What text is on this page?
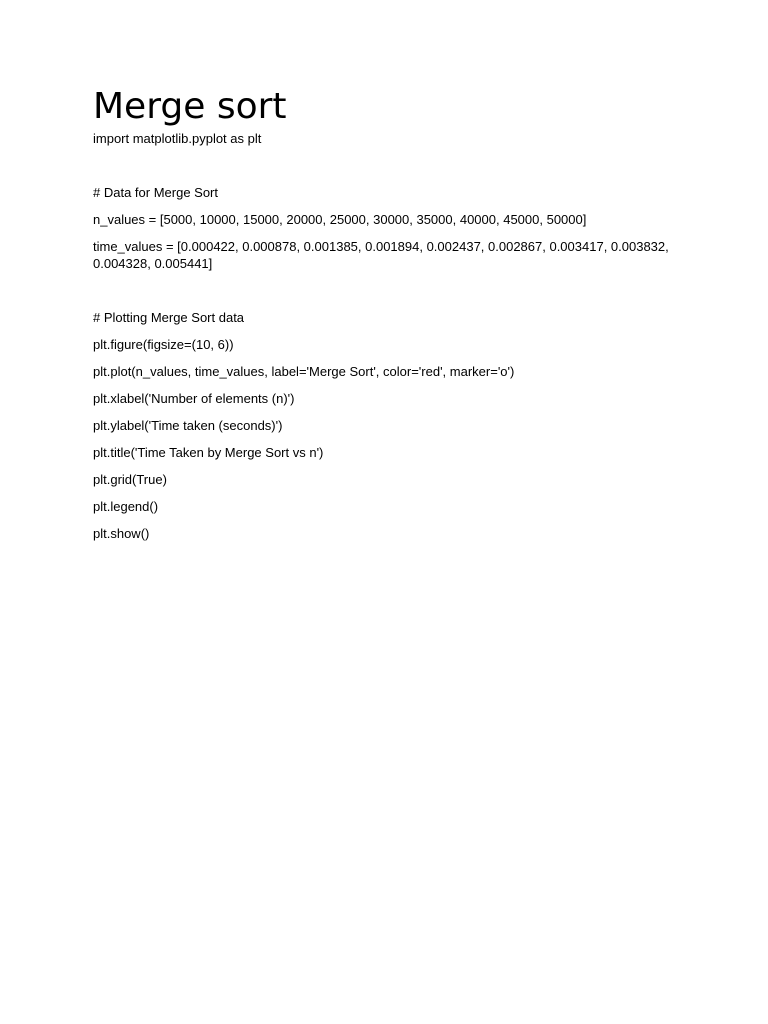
Merge sort

import matplotlib.pyplot as plt

# Data for Merge Sort

n_values = [5000, 10000, 15000, 20000, 25000, 30000, 35000, 40000, 45000, 50000]

time_values = [0.000422, 0.000878, 0.001385, 0.001894, 0.002437, 0.002867, 0.003417, 0.003832, 0.004328, 0.005441]

# Plotting Merge Sort data

plt.figure(figsize=(10, 6))

plt.plot(n_values, time_values, label='Merge Sort', color='red', marker='o')

plt.xlabel('Number of elements (n)')

plt.ylabel('Time taken (seconds)')

plt.title('Time Taken by Merge Sort vs n')

plt.grid(True)

plt.legend()

plt.show()
